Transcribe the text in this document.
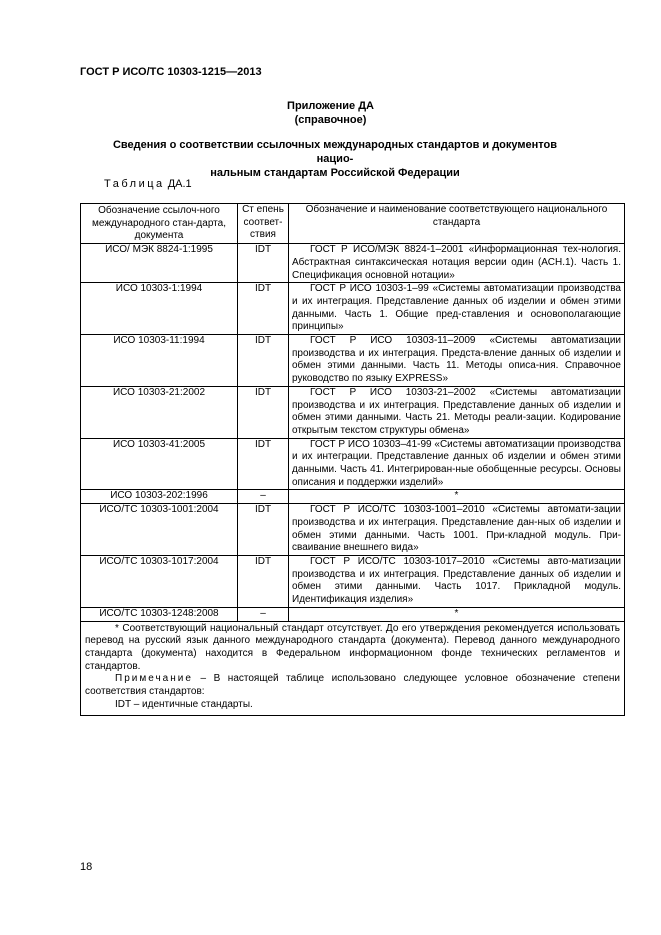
ГОСТ Р ИСО/ТС 10303-1215—2013
Приложение ДА
(справочное)
Сведения о соответствии ссылочных международных стандартов и документов нацио-
нальным стандартам Российской Федерации
Таблица ДА.1
Обозначение ссылоч-ного международного стан-дарта, документа	Ст епень соответ-ствия	Обозначение и наименование соответствующего национального стандарта
ИСО/ МЭК 8824-1:1995	IDT	ГОСТ Р ИСО/МЭК 8824-1–2001 «Информационная тех-нология. Абстрактная синтаксическая нотация версии один (АСН.1). Часть 1. Спецификация основной нотации»
ИСО 10303-1:1994	IDT	ГОСТ Р ИСО 10303-1–99 «Системы автоматизации производства и их интеграция. Представление данных об изделии и обмен этими данными. Часть 1. Общие пред-ставления и основополагающие принципы»
ИСО 10303-11:1994	IDT	ГОСТ Р ИСО 10303-11–2009 «Системы автоматизации производства и их интеграция. Предста-вление данных об изделии и обмен этими данными. Часть 11. Методы описа-ния. Справочное руководство по языку EXPRESS»
ИСО 10303-21:2002	IDT	ГОСТ Р ИСО 10303-21–2002 «Системы автоматизации производства и их интеграция. Представление данных об изделии и обмен этими данными. Часть 21. Методы реали-зации. Кодирование открытым текстом структуры обмена»
ИСО 10303-41:2005	IDT	ГОСТ Р ИСО 10303–41-99 «Системы автоматизации производства и их интеграции. Представление данных об изделии и обмен этими данными. Часть 41. Интегрирован-ные обобщенные ресурсы. Основы описания и поддержки изделий»
ИСО 10303-202:1996	–	*
ИСО/ТС 10303-1001:2004	IDT	ГОСТ Р ИСО/ТС 10303-1001–2010 «Системы автомати-зации производства и их интеграция. Представление дан-ных об изделии и обмен этими данными. Часть 1001. При-кладной модуль. При-сваивание внешнего вида»
ИСО/ТС 10303-1017:2004	IDT	ГОСТ Р ИСО/ТС 10303-1017–2010 «Системы авто-матизации производства и их интеграция. Представление данных об изделии и обмен этими данными. Часть 1017. Прикладной модуль. Идентификация изделия»
ИСО/ТС 10303-1248:2008	–	*

* Соответствующий национальный стандарт отсутствует. До его утверждения рекомендуется использовать перевод на русский язык данного международного стандарта (документа). Перевод данного международного стандарта (документа) находится в Федеральном информационном фонде технических регламентов и стандартов.
Примечание – В настоящей таблице использовано следующее условное обозначение степени соответствия стандартов:
IDT – идентичные стандарты.		
18
